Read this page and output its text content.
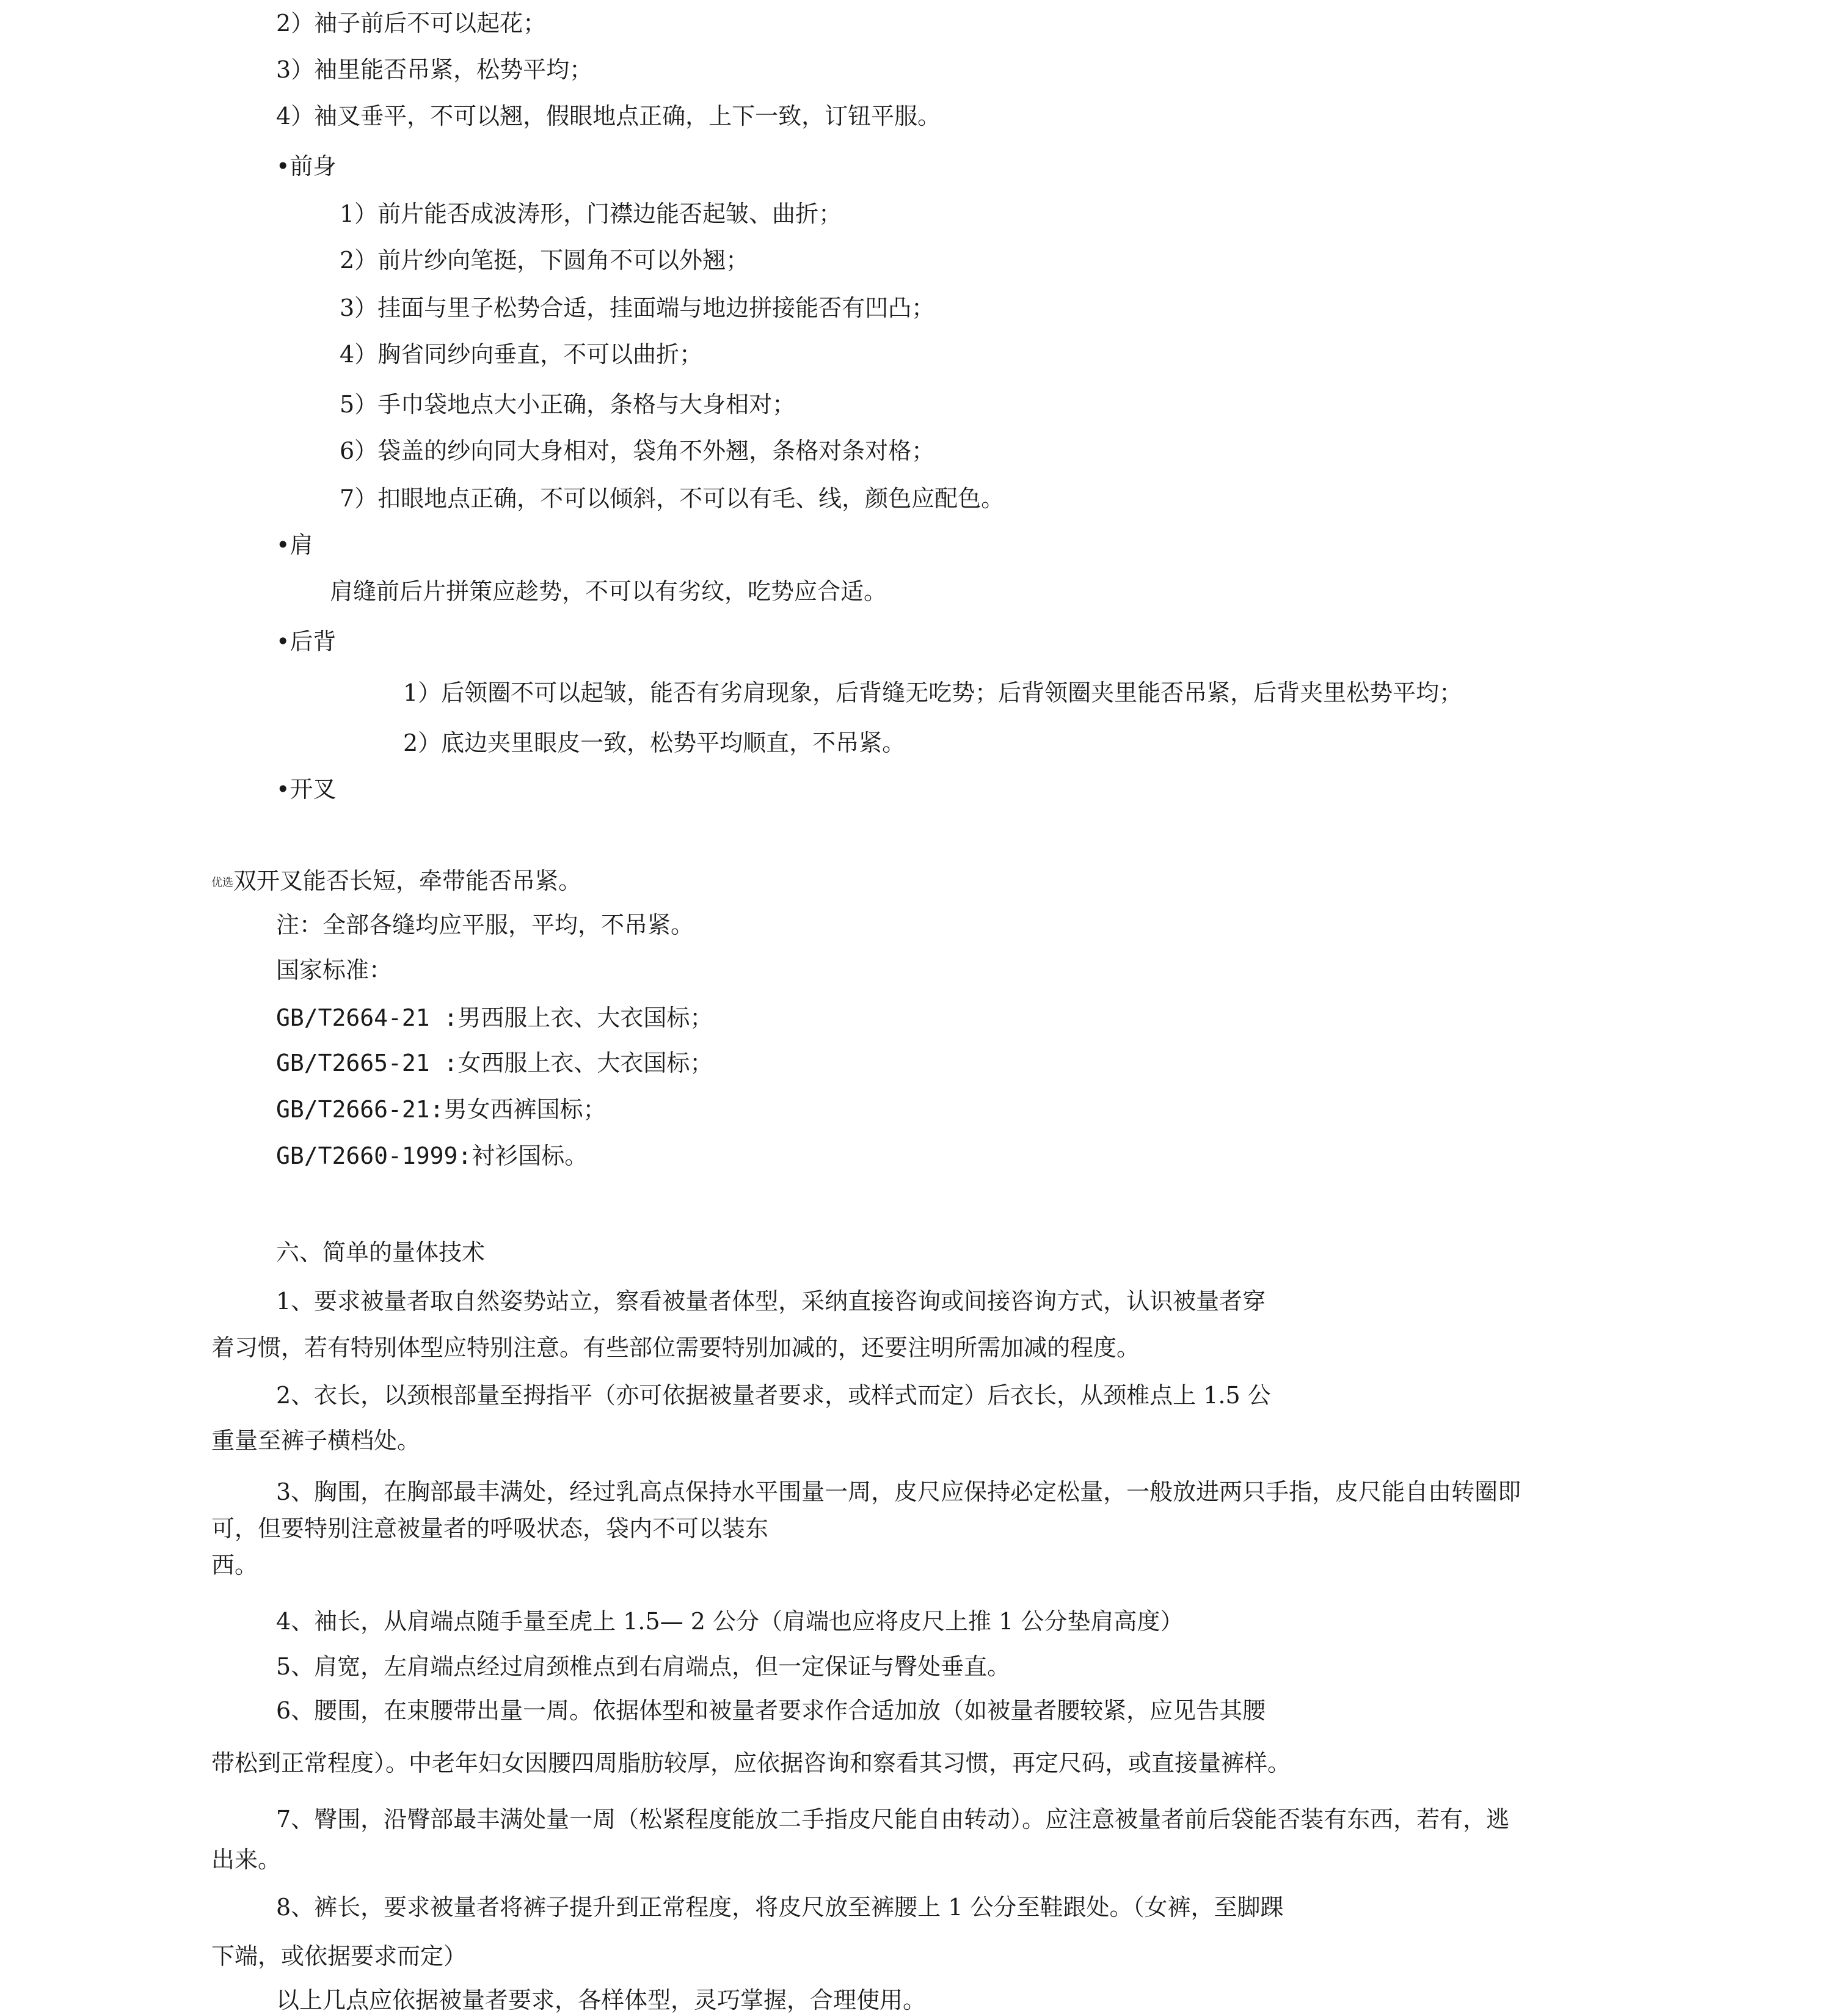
2）袖子前后不可以起花；
3）袖里能否吊紧，松势平均；
4）袖叉垂平，不可以翘，假眼地点正确，上下一致，订钮平服。
•前身
1）前片能否成波涛形，门襟边能否起皱、曲折；
2）前片纱向笔挺，下圆角不可以外翘；
3）挂面与里子松势合适，挂面端与地边拼接能否有凹凸；
4）胸省同纱向垂直，不可以曲折；
5）手巾袋地点大小正确，条格与大身相对；
6）袋盖的纱向同大身相对，袋角不外翘，条格对条对格；
7）扣眼地点正确，不可以倾斜，不可以有毛、线，颜色应配色。
•肩
肩缝前后片拼策应趁势，不可以有劣纹，吃势应合适。
•后背
1）后领圈不可以起皱，能否有劣肩现象，后背缝无吃势；后背领圈夹里能否吊紧，后背夹里松势平均；
2）底边夹里眼皮一致，松势平均顺直，不吊紧。
•开叉
优选双开叉能否长短，牵带能否吊紧。
注：全部各缝均应平服，平均，不吊紧。
国家标准：
GB/T2664-21 :男西服上衣、大衣国标；
GB/T2665-21 :女西服上衣、大衣国标；
GB/T2666-21:男女西裤国标；
GB/T2660-1999:衬衫国标。
六、简单的量体技术
1、要求被量者取自然姿势站立，察看被量者体型，采纳直接咨询或间接咨询方式，认识被量者穿
着习惯，若有特别体型应特别注意。有些部位需要特别加减的，还要注明所需加减的程度。
2、衣长，以颈根部量至拇指平（亦可依据被量者要求，或样式而定）后衣长，从颈椎点上 1.5 公
重量至裤子横档处。
3、胸围，在胸部最丰满处，经过乳高点保持水平围量一周，皮尺应保持必定松量，一般放进两只手指，皮尺能自由转圈即
可，但要特别注意被量者的呼吸状态，袋内不可以装东
西。
4、袖长，从肩端点随手量至虎上 1.5— 2 公分（肩端也应将皮尺上推 1 公分垫肩高度）
5、肩宽，左肩端点经过肩颈椎点到右肩端点，但一定保证与臀处垂直。
6、腰围，在束腰带出量一周。依据体型和被量者要求作合适加放（如被量者腰较紧，应见告其腰
带松到正常程度）。中老年妇女因腰四周脂肪较厚，应依据咨询和察看其习惯，再定尺码，或直接量裤样。
7、臀围，沿臀部最丰满处量一周（松紧程度能放二手指皮尺能自由转动）。应注意被量者前后袋能否装有东西，若有，逃
出来。
8、裤长，要求被量者将裤子提升到正常程度，将皮尺放至裤腰上 1 公分至鞋跟处。（女裤，至脚踝
下端，或依据要求而定）
以上几点应依据被量者要求，各样体型，灵巧掌握，合理使用。
